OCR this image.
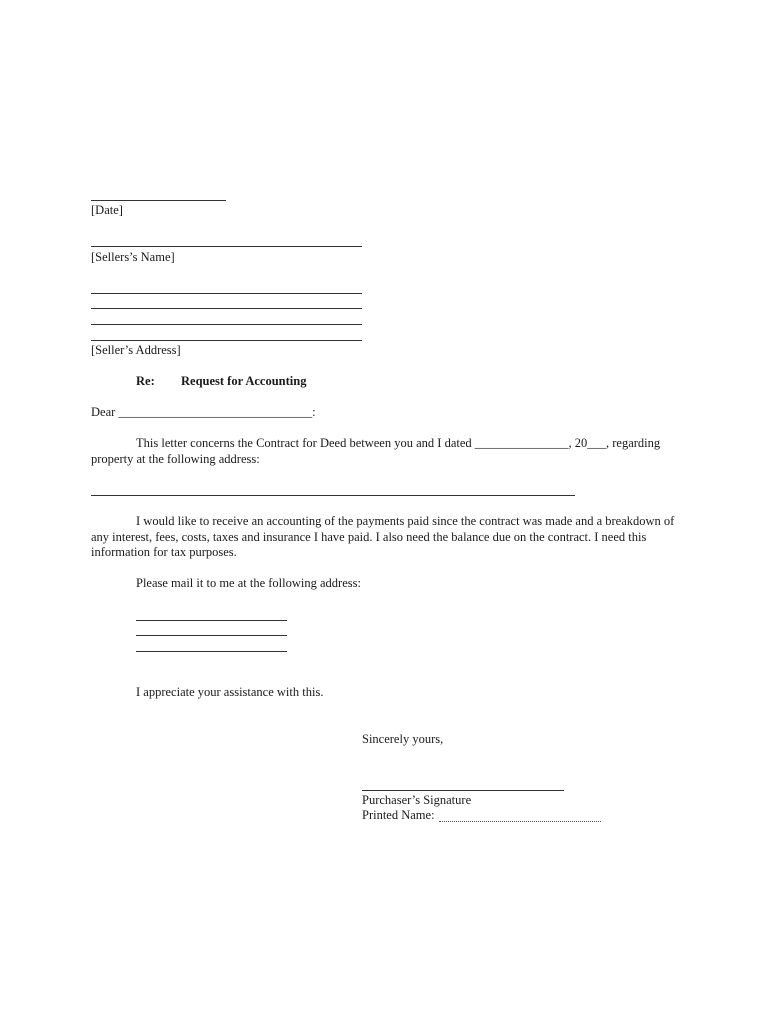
[Date]
[Sellers’s Name]
[Seller’s Address]
Re: Request for Accounting
Dear _______________________________:
This letter concerns the Contract for Deed between you and I dated _______________, 20___, regarding
property at the following address:
I would like to receive an accounting of the payments paid since the contract was made and a breakdown of
any interest, fees, costs, taxes and insurance I have paid. I also need the balance due on the contract. I need this
information for tax purposes.
Please mail it to me at the following address:
I appreciate your assistance with this.
Sincerely yours,
Purchaser’s Signature
Printed Name:
